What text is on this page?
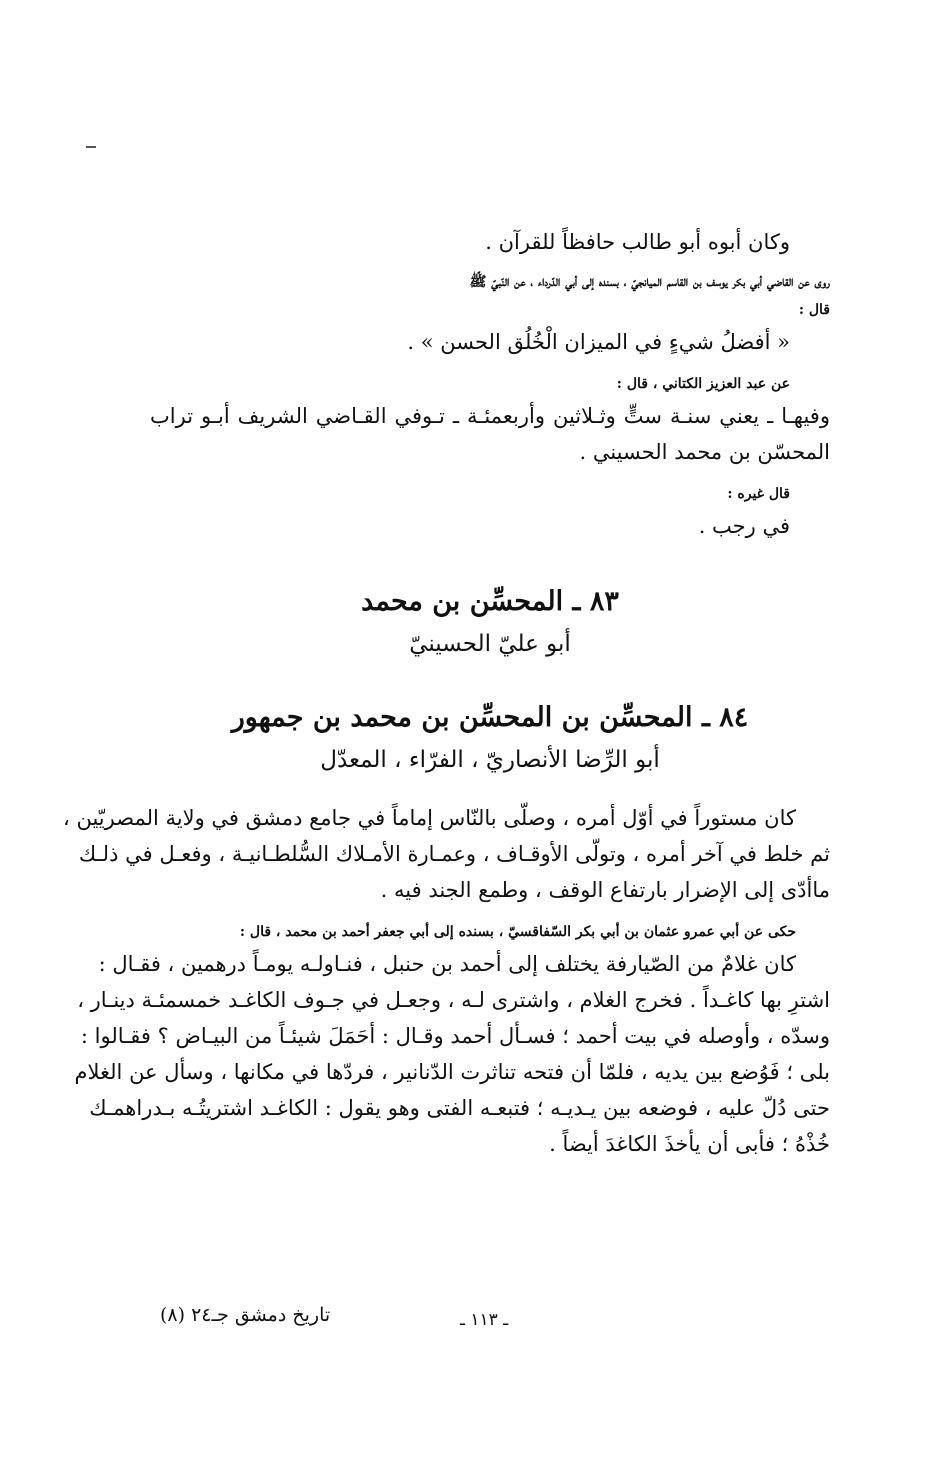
وكان أبوه أبو طالب حافظاً للقرآن .

روى عن القاضي أبي بكر يوسف بن القاسم الميانجيّ ، بسنده إلى أبي الدّرداء ، عن النّبيّ ﷺ

قال :

« أفضلُ شيءٍ في الميزان الْخُلُق الحسن » .

عن عبد العزيز الكتاني ، قال :

وفيهـا ـ يعني سنـة ستٍّ وثـلاثين وأربعمئـة ـ تـوفي القـاضي الشريف أبـو تراب

المحسّن بن محمد الحسيني .

قال غيره :

في رجب .

٨٣ ـ المحسِّن بن محمد

أبو عليّ الحسينيّ

٨٤ ـ المحسِّن بن المحسِّن بن محمد بن جمهور

أبو الرِّضا الأنصاريّ ، الفرّاء ، المعدّل

كان مستوراً في أوّل أمره ، وصلّى بالنّاس إماماً في جامع دمشق في ولاية المصريّين ،

ثم خلط في آخر أمره ، وتولّى الأوقـاف ، وعمـارة الأمـلاك السُّلطـانيـة ، وفعـل في ذلـك

ماأدّى إلى الإضرار بارتفاع الوقف ، وطمع الجند فيه .

حكى عن أبي عمرو عثمان بن أبي بكر السّفاقسيّ ، بسنده إلى أبي جعفر أحمد بن محمد ، قال :

كان غلامٌ من الصّيارفة يختلف إلى أحمد بن حنبل ، فنـاولـه يومـاً درهمين ، فقـال :

اشترِ بها كاغـداً . فخرج الغلام ، واشترى لـه ، وجعـل في جـوف الكاغـد خمسمئـة دينـار ،

وسدّه ، وأوصله في بيت أحمد ؛ فسـأل أحمد وقـال : أحَمَلَ شيئـاً من البيـاض ؟ فقـالوا :

بلى ؛ فَوُضع بين يديه ، فلمّا أن فتحه تناثرت الدّنانير ، فردّها في مكانها ، وسأل عن الغلام

حتى دُلّ عليه ، فوضعه بين يـديـه ؛ فتبعـه الفتى وهو يقول : الكاغـد اشتريتُـه بـدراهمـك

خُذْهُ ؛ فأبى أن يأخذَ الكاغدَ أيضاً .

ـ ١١٣ ـ
تاريخ دمشق جـ٢٤ (٨)
